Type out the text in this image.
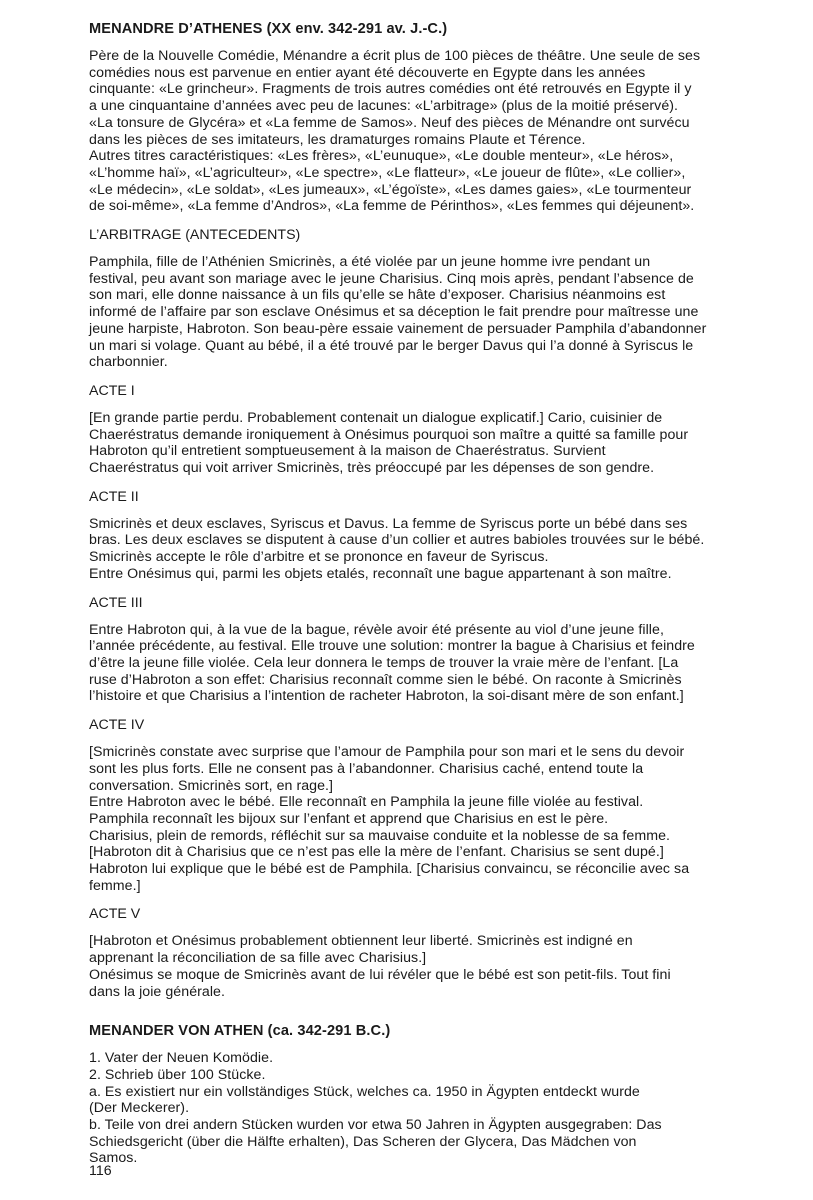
MENANDRE D’ATHENES (XX env. 342-291 av. J.-C.)
Père de la Nouvelle Comédie, Ménandre a écrit plus de 100 pièces de théâtre. Une seule de ses
comédies nous est parvenue en entier ayant été découverte en Egypte dans les années
cinquante: «Le grincheur». Fragments de trois autres comédies ont été retrouvés en Egypte il y
a une cinquantaine d’années avec peu de lacunes: «L’arbitrage» (plus de la moitié préservé).
«La tonsure de Glycéra» et «La femme de Samos». Neuf des pièces de Ménandre ont survécu
dans les pièces de ses imitateurs, les dramaturges romains Plaute et Térence.
Autres titres caractéristiques: «Les frères», «L’eunuque», «Le double menteur», «Le héros»,
«L’homme haï», «L’agriculteur», «Le spectre», «Le flatteur», «Le joueur de flûte», «Le collier»,
«Le médecin», «Le soldat», «Les jumeaux», «L’égoïste», «Les dames gaies», «Le tourmenteur
de soi-même», «La femme d’Andros», «La femme de Périnthos», «Les femmes qui déjeunent».
L’ARBITRAGE (ANTECEDENTS)
Pamphila, fille de l’Athénien Smicrinès, a été violée par un jeune homme ivre pendant un
festival, peu avant son mariage avec le jeune Charisius. Cinq mois après, pendant l’absence de
son mari, elle donne naissance à un fils qu’elle se hâte d’exposer. Charisius néanmoins est
informé de l’affaire par son esclave Onésimus et sa déception le fait prendre pour maîtresse une
jeune harpiste, Habroton. Son beau-père essaie vainement de persuader Pamphila d’abandonner
un mari si volage. Quant au bébé, il a été trouvé par le berger Davus qui l’a donné à Syriscus le
charbonnier.
ACTE I
[En grande partie perdu. Probablement contenait un dialogue explicatif.] Cario, cuisinier de
Chaeréstratus demande ironiquement à Onésimus pourquoi son maître a quitté sa famille pour
Habroton qu’il entretient somptueusement à la maison de Chaeréstratus. Survient
Chaeréstratus qui voit arriver Smicrinès, très préoccupé par les dépenses de son gendre.
ACTE II
Smicrinès et deux esclaves, Syriscus et Davus. La femme de Syriscus porte un bébé dans ses
bras. Les deux esclaves se disputent à cause d’un collier et autres babioles trouvées sur le bébé.
Smicrinès accepte le rôle d’arbitre et se prononce en faveur de Syriscus.
Entre Onésimus qui, parmi les objets etalés, reconnaît une bague appartenant à son maître.
ACTE III
Entre Habroton qui, à la vue de la bague, révèle avoir été présente au viol d’une jeune fille,
l’année précédente, au festival. Elle trouve une solution: montrer la bague à Charisius et feindre
d’être la jeune fille violée. Cela leur donnera le temps de trouver la vraie mère de l’enfant. [La
ruse d’Habroton a son effet: Charisius reconnaît comme sien le bébé. On raconte à Smicrinès
l’histoire et que Charisius a l’intention de racheter Habroton, la soi-disant mère de son enfant.]
ACTE IV
[Smicrinès constate avec surprise que l’amour de Pamphila pour son mari et le sens du devoir
sont les plus forts. Elle ne consent pas à l’abandonner. Charisius caché, entend toute la
conversation. Smicrinès sort, en rage.]
Entre Habroton avec le bébé. Elle reconnaît en Pamphila la jeune fille violée au festival.
Pamphila reconnaît les bijoux sur l’enfant et apprend que Charisius en est le père.
Charisius, plein de remords, réfléchit sur sa mauvaise conduite et la noblesse de sa femme.
[Habroton dit à Charisius que ce n’est pas elle la mère de l’enfant. Charisius se sent dupé.]
Habroton lui explique que le bébé est de Pamphila. [Charisius convaincu, se réconcilie avec sa
femme.]
ACTE V
[Habroton et Onésimus probablement obtiennent leur liberté. Smicrinès est indigné en
apprenant la réconciliation de sa fille avec Charisius.]
Onésimus se moque de Smicrinès avant de lui révéler que le bébé est son petit-fils. Tout fini
dans la joie générale.
MENANDER VON ATHEN (ca. 342-291 B.C.)
1. Vater der Neuen Komödie.
2. Schrieb über 100 Stücke.
a. Es existiert nur ein vollständiges Stück, welches ca. 1950 in Ägypten entdeckt wurde
(Der Meckerer).
b. Teile von drei andern Stücken wurden vor etwa 50 Jahren in Ägypten ausgegraben: Das
Schiedsgericht (über die Hälfte erhalten), Das Scheren der Glycera, Das Mädchen von
Samos.
116
